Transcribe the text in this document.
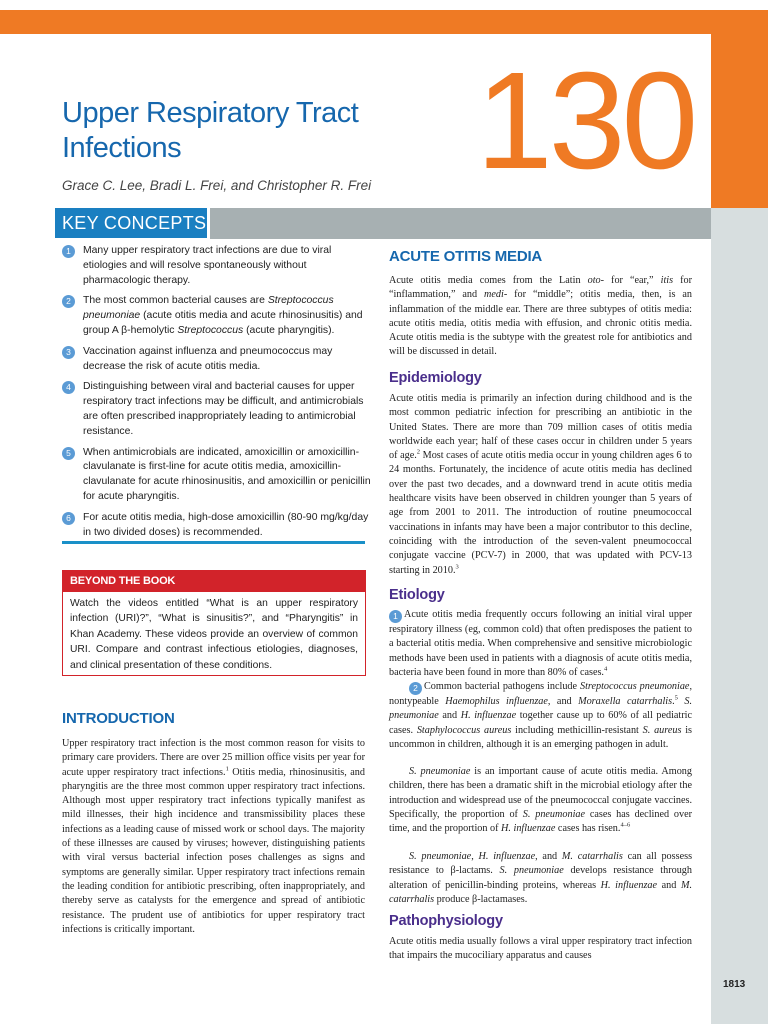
130
Upper Respiratory Tract
Infections
Grace C. Lee, Bradi L. Frei, and Christopher R. Frei
KEY CONCEPTS
1	Many upper respiratory tract infections are due to viral etiologies and will resolve spontaneously without pharmacologic therapy.
2	The most common bacterial causes are Streptococcus pneumoniae (acute otitis media and acute rhinosinusitis) and group A β-hemolytic Streptococcus (acute pharyngitis).
3	Vaccination against influenza and pneumococcus may decrease the risk of acute otitis media.
4	Distinguishing between viral and bacterial causes for upper respiratory tract infections may be difficult, and antimicrobials are often prescribed inappropriately leading to antimicrobial resistance.
5	When antimicrobials are indicated, amoxicillin or amoxicillin-clavulanate is first-line for acute otitis media, amoxicillin-clavulanate for acute rhinosinusitis, and amoxicillin or penicillin for acute pharyngitis.
6	For acute otitis media, high-dose amoxicillin (80-90 mg/kg/day in two divided doses) is recommended.
BEYOND THE BOOK
Watch the videos entitled “What is an upper respiratory infection (URI)?”, “What is sinusitis?”, and “Pharyngitis” in Khan Academy. These videos provide an overview of common URI. Compare and contrast infectious etiologies, diagnoses, and clinical presentation of these conditions.
INTRODUCTION

Upper respiratory tract infection is the most common reason for visits to primary care providers. There are over 25 million office visits per year for acute upper respiratory tract infections.$^1$ Otitis media, rhinosinusitis, and pharyngitis are the three most common upper respiratory tract infections. Although most upper respiratory tract infections typically manifest as mild illnesses, their high incidence and transmissibility places these infections as a leading cause of missed work or school days. The majority of these illnesses are caused by viruses; however, distinguishing patients with viral versus bacterial infection poses challenges as signs and symptoms are generally similar. Upper respiratory tract infections remain the leading condition for antibiotic prescribing, often inappropriately, and thereby serve as catalysts for the emergence and spread of antibiotic resistance. The prudent use of antibiotics for upper respiratory tract infections is critically important.

ACUTE OTITIS MEDIA

Acute otitis media comes from the Latin oto- for “ear,” itis for “inflammation,” and medi- for “middle”; otitis media, then, is an inflammation of the middle ear. There are three subtypes of otitis media: acute otitis media, otitis media with effusion, and chronic otitis media. Acute otitis media is the subtype with the greatest role for antibiotics and will be discussed in detail.

Epidemiology

Acute otitis media is primarily an infection during childhood and is the most common pediatric infection for prescribing an antibiotic in the United States. There are more than 709 million cases of otitis media worldwide each year; half of these cases occur in children under 5 years of age.$^2$ Most cases of acute otitis media occur in young children ages 6 to 24 months. Fortunately, the incidence of acute otitis media has declined over the past two decades, and a downward trend in acute otitis media healthcare visits have been observed in children younger than 5 years of age from 2001 to 2011. The introduction of routine pneumococcal vaccinations in infants may have been a major contributor to this decline, coinciding with the introduction of the seven-valent pneumococcal conjugate vaccine (PCV-7) in 2000, that was updated with PCV-13 starting in 2010.$^3$

Etiology

1 Acute otitis media frequently occurs following an initial viral upper respiratory illness (eg, common cold) that often predisposes the patient to a bacterial otitis media. When comprehensive and sensitive microbiologic methods have been used in patients with a diagnosis of acute otitis media, bacteria have been found in more than 80% of cases.$^4$

2 Common bacterial pathogens include Streptococcus pneumoniae, nontypeable Haemophilus influenzae, and Moraxella catarrhalis.$^5$ S. pneumoniae and H. influenzae together cause up to 60% of all pediatric cases. Staphylococcus aureus including methicillin-resistant S. aureus is uncommon in children, although it is an emerging pathogen in adult.

S. pneumoniae is an important cause of acute otitis media. Among children, there has been a dramatic shift in the microbial etiology after the introduction and widespread use of the pneumococcal conjugate vaccines. Specifically, the proportion of S. pneumoniae cases has declined over time, and the proportion of H. influenzae cases has risen.$^{4-6}$

S. pneumoniae, H. influenzae, and M. catarrhalis can all possess resistance to β-lactams. S. pneumoniae develops resistance through alteration of penicillin-binding proteins, whereas H. influenzae and M. catarrhalis produce β-lactamases.

Pathophysiology

Acute otitis media usually follows a viral upper respiratory tract infection that impairs the mucociliary apparatus and causes

1813
